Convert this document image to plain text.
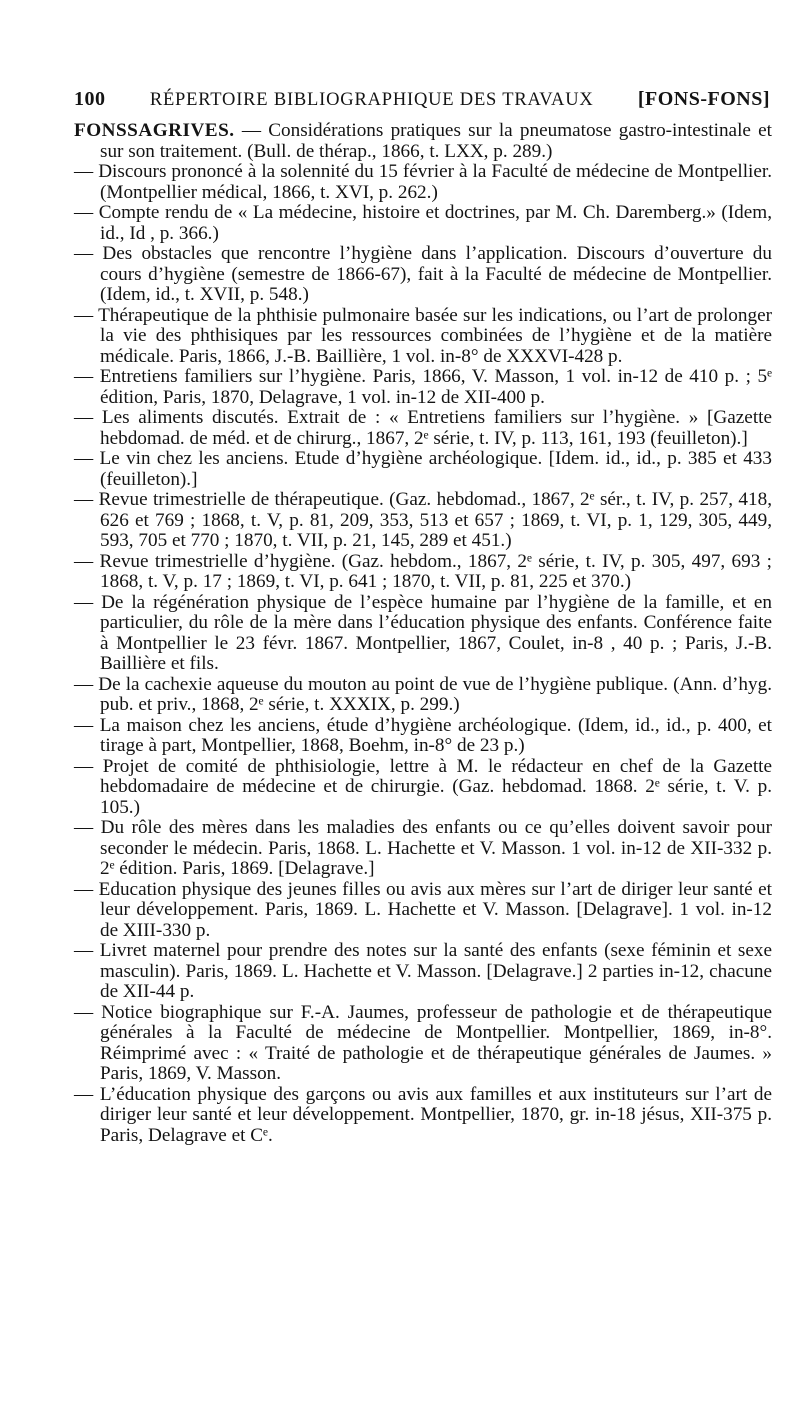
100 RÉPERTOIRE BIBLIOGRAPHIQUE DES TRAVAUX [FONS-FONS]

FONSSAGRIVES. — Considérations pratiques sur la pneumatose gastro-intestinale et sur son traitement. (Bull. de thérap., 1866, t. LXX, p. 289.)

— Discours prononcé à la solennité du 15 février à la Faculté de médecine de Montpellier. (Montpellier médical, 1866, t. XVI, p. 262.)

— Compte rendu de « La médecine, histoire et doctrines, par M. Ch. Daremberg.» (Idem, id., Id , p. 366.)

— Des obstacles que rencontre l’hygiène dans l’application. Discours d’ouverture du cours d’hygiène (semestre de 1866-67), fait à la Faculté de médecine de Montpellier. (Idem, id., t. XVII, p. 548.)

— Thérapeutique de la phthisie pulmonaire basée sur les indications, ou l’art de prolonger la vie des phthisiques par les ressources combinées de l’hygiène et de la matière médicale. Paris, 1866, J.-B. Baillière, 1 vol. in-8° de XXXVI-428 p.

— Entretiens familiers sur l’hygiène. Paris, 1866, V. Masson, 1 vol. in-12 de 410 p. ; 5ᵉ édition, Paris, 1870, Delagrave, 1 vol. in-12 de XII-400 p.

— Les aliments discutés. Extrait de : « Entretiens familiers sur l’hygiène. » [Gazette hebdomad. de méd. et de chirurg., 1867, 2ᵉ série, t. IV, p. 113, 161, 193 (feuilleton).]

— Le vin chez les anciens. Etude d’hygiène archéologique. [Idem. id., id., p. 385 et 433 (feuilleton).]

— Revue trimestrielle de thérapeutique. (Gaz. hebdomad., 1867, 2ᵉ sér., t. IV, p. 257, 418, 626 et 769 ; 1868, t. V, p. 81, 209, 353, 513 et 657 ; 1869, t. VI, p. 1, 129, 305, 449, 593, 705 et 770 ; 1870, t. VII, p. 21, 145, 289 et 451.)

— Revue trimestrielle d’hygiène. (Gaz. hebdom., 1867, 2ᵉ série, t. IV, p. 305, 497, 693 ; 1868, t. V, p. 17 ; 1869, t. VI, p. 641 ; 1870, t. VII, p. 81, 225 et 370.)

— De la régénération physique de l’espèce humaine par l’hygiène de la famille, et en particulier, du rôle de la mère dans l’éducation physique des enfants. Conférence faite à Montpellier le 23 févr. 1867. Montpellier, 1867, Coulet, in-8 , 40 p. ; Paris, J.-B. Baillière et fils.

— De la cachexie aqueuse du mouton au point de vue de l’hygiène publique. (Ann. d’hyg. pub. et priv., 1868, 2ᵉ série, t. XXXIX, p. 299.)

— La maison chez les anciens, étude d’hygiène archéologique. (Idem, id., id., p. 400, et tirage à part, Montpellier, 1868, Boehm, in-8° de 23 p.)

— Projet de comité de phthisiologie, lettre à M. le rédacteur en chef de la Gazette hebdomadaire de médecine et de chirurgie. (Gaz. hebdomad. 1868. 2ᵉ série, t. V. p. 105.)

— Du rôle des mères dans les maladies des enfants ou ce qu’elles doivent savoir pour seconder le médecin. Paris, 1868. L. Hachette et V. Masson. 1 vol. in-12 de XII-332 p. 2ᵉ édition. Paris, 1869. [Delagrave.]

— Education physique des jeunes filles ou avis aux mères sur l’art de diriger leur santé et leur développement. Paris, 1869. L. Hachette et V. Masson. [Delagrave]. 1 vol. in-12 de XIII-330 p.

— Livret maternel pour prendre des notes sur la santé des enfants (sexe féminin et sexe masculin). Paris, 1869. L. Hachette et V. Masson. [Delagrave.] 2 parties in-12, chacune de XII-44 p.

— Notice biographique sur F.-A. Jaumes, professeur de pathologie et de thérapeutique générales à la Faculté de médecine de Montpellier. Montpellier, 1869, in-8°. Réimprimé avec : « Traité de pathologie et de thérapeutique générales de Jaumes. » Paris, 1869, V. Masson.

— L’éducation physique des garçons ou avis aux familles et aux instituteurs sur l’art de diriger leur santé et leur développement. Montpellier, 1870, gr. in-18 jésus, XII-375 p. Paris, Delagrave et Cᵉ.
